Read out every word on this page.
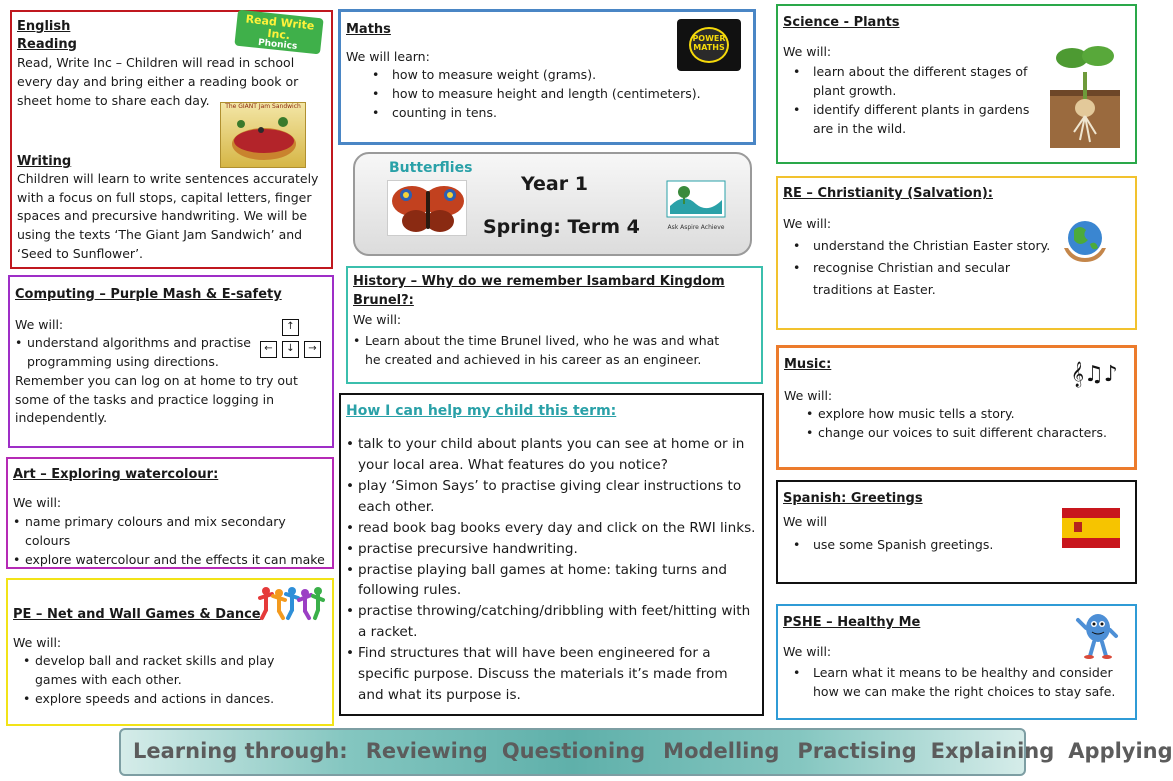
English
Reading

Read, Write Inc – Children will read in school every day and bring either a reading book or sheet home to share each day.

Read Write Inc.
Phonics
The GIANT Jam Sandwich
Writing

Children will learn to write sentences accurately with a focus on full stops, capital letters, finger spaces and precursive handwriting. We will be using the texts ‘The Giant Jam Sandwich’ and ‘Seed to Sunflower’.

Computing – Purple Mash & E-safety
We will:
• understand algorithms and practise programming using directions.

Remember you can log on at home to try out some of the tasks and practice logging in independently.

↑
←	↓	→
Art – Exploring watercolour:
We will:
• name primary colours and mix secondary colours
• explore watercolour and the effects it can make
PE – Net and Wall Games & Dance
We will:
• develop ball and racket skills and play games with each other.
• explore speeds and actions in dances.
Maths
We will learn:
• how to measure weight (grams).
• how to measure height and length (centimeters).
• counting in tens.
POWER
MATHS
Butterflies
Year 1
Spring: Term 4	Ask Aspire Achieve
History – Why do we remember Isambard Kingdom Brunel?:
We will:
• Learn about the time Brunel lived, who he was and what he created and achieved in his career as an engineer.
How I can help my child this term:
• talk to your child about plants you can see at home or in your local area. What features do you notice?
• play ‘Simon Says’ to practise giving clear instructions to each other.
• read book bag books every day and click on the RWI links.
• practise precursive handwriting.
• practise playing ball games at home: taking turns and following rules.
• practise throwing/catching/dribbling with feet/hitting with a racket.
• Find structures that will have been engineered for a specific purpose. Discuss the materials it’s made from and what its purpose is.
Science - Plants
We will:
• learn about the different stages of plant growth.
• identify different plants in gardens are in the wild.
RE – Christianity (Salvation):
We will:
• understand the Christian Easter story.
• recognise Christian and secular traditions at Easter.
Music:
We will:
• explore how music tells a story.
• change our voices to suit different characters.
𝄞♫♪
Spanish: Greetings
We will
• use some Spanish greetings.
PSHE – Healthy Me
We will:
• Learn what it means to be healthy and consider how we can make the right choices to stay safe.
Learning through: Reviewing Questioning Modelling Practising Explaining Applying
